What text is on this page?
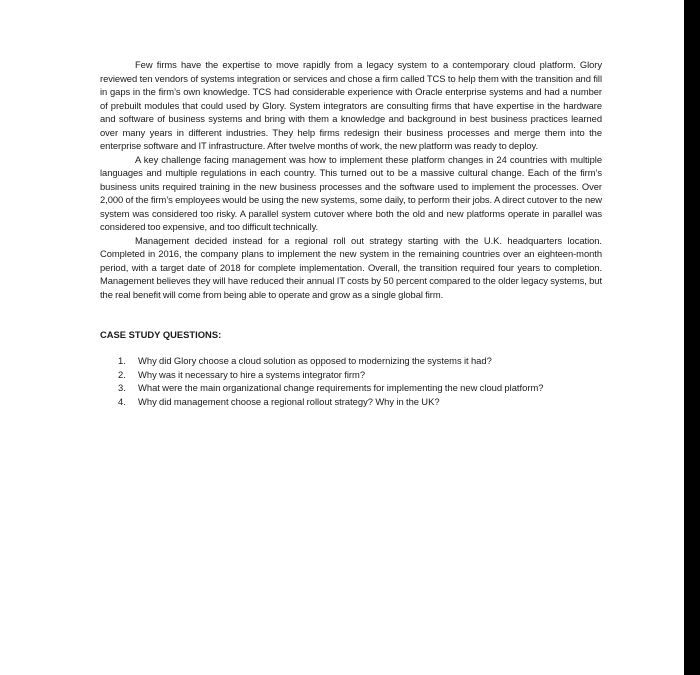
Few firms have the expertise to move rapidly from a legacy system to a contemporary cloud platform. Glory reviewed ten vendors of systems integration or services and chose a firm called TCS to help them with the transition and fill in gaps in the firm’s own knowledge. TCS had considerable experience with Oracle enterprise systems and had a number of prebuilt modules that could used by Glory. System integrators are consulting firms that have expertise in the hardware and software of business systems and bring with them a knowledge and background in best business practices learned over many years in different industries. They help firms redesign their business processes and merge them into the enterprise software and IT infrastructure. After twelve months of work, the new platform was ready to deploy.

A key challenge facing management was how to implement these platform changes in 24 countries with multiple languages and multiple regulations in each country. This turned out to be a massive cultural change. Each of the firm’s business units required training in the new business processes and the software used to implement the processes. Over 2,000 of the firm’s employees would be using the new systems, some daily, to perform their jobs. A direct cutover to the new system was considered too risky. A parallel system cutover where both the old and new platforms operate in parallel was considered too expensive, and too difficult technically.

Management decided instead for a regional roll out strategy starting with the U.K. headquarters location. Completed in 2016, the company plans to implement the new system in the remaining countries over an eighteen-month period, with a target date of 2018 for complete implementation. Overall, the transition required four years to completion. Management believes they will have reduced their annual IT costs by 50 percent compared to the older legacy systems, but the real benefit will come from being able to operate and grow as a single global firm.

CASE STUDY QUESTIONS:
1. Why did Glory choose a cloud solution as opposed to modernizing the systems it had?
2. Why was it necessary to hire a systems integrator firm?
3. What were the main organizational change requirements for implementing the new cloud platform?
4. Why did management choose a regional rollout strategy? Why in the UK?
